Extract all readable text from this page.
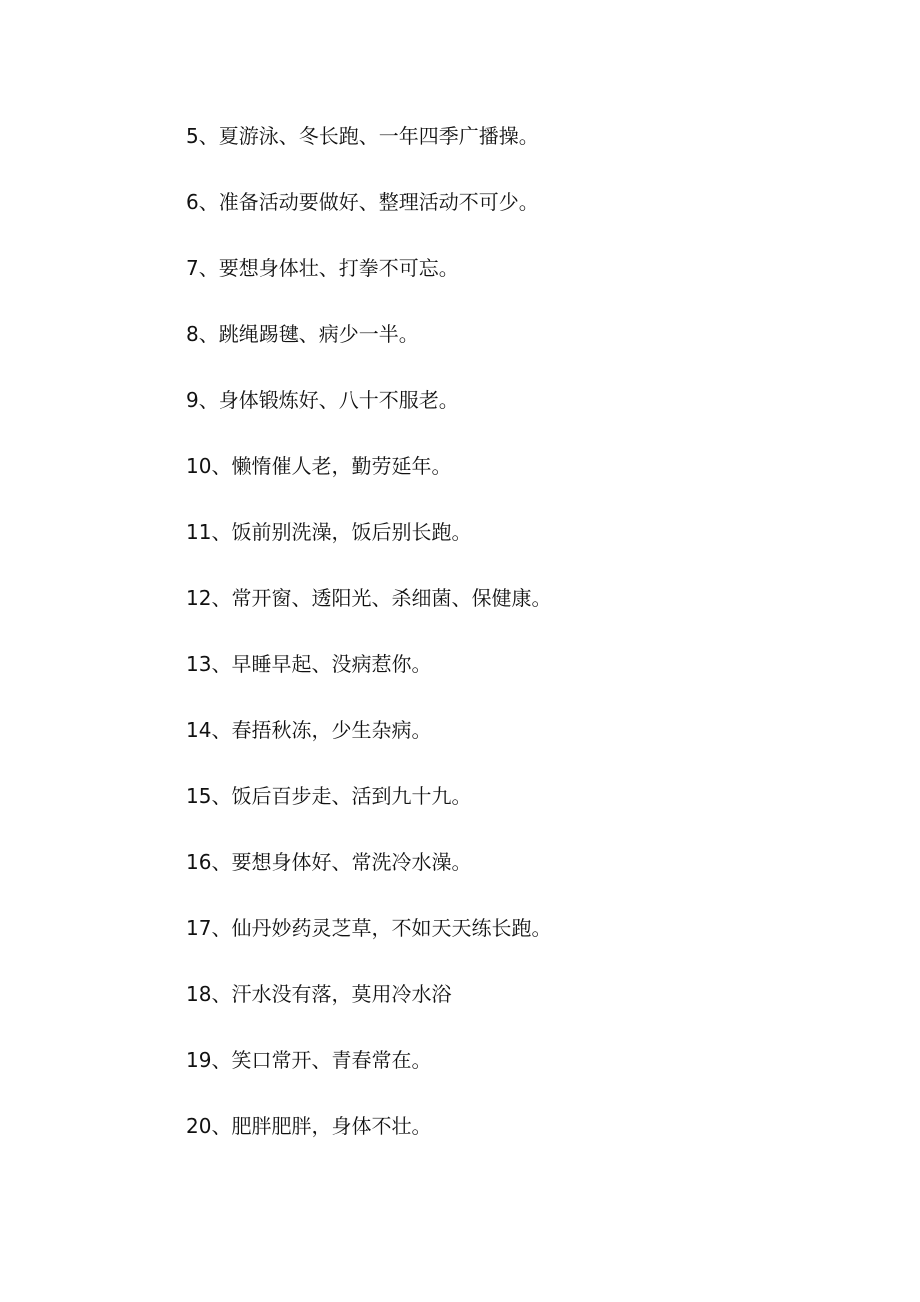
5、夏游泳、冬长跑、一年四季广播操。
6、准备活动要做好、整理活动不可少。
7、要想身体壮、打拳不可忘。
8、跳绳踢毽、病少一半。
9、身体锻炼好、八十不服老。
10、懒惰催人老，勤劳延年。
11、饭前别洗澡，饭后别长跑。
12、常开窗、透阳光、杀细菌、保健康。
13、早睡早起、没病惹你。
14、春捂秋冻，少生杂病。
15、饭后百步走、活到九十九。
16、要想身体好、常洗冷水澡。
17、仙丹妙药灵芝草，不如天天练长跑。
18、汗水没有落，莫用冷水浴
19、笑口常开、青春常在。
20、肥胖肥胖，身体不壮。
